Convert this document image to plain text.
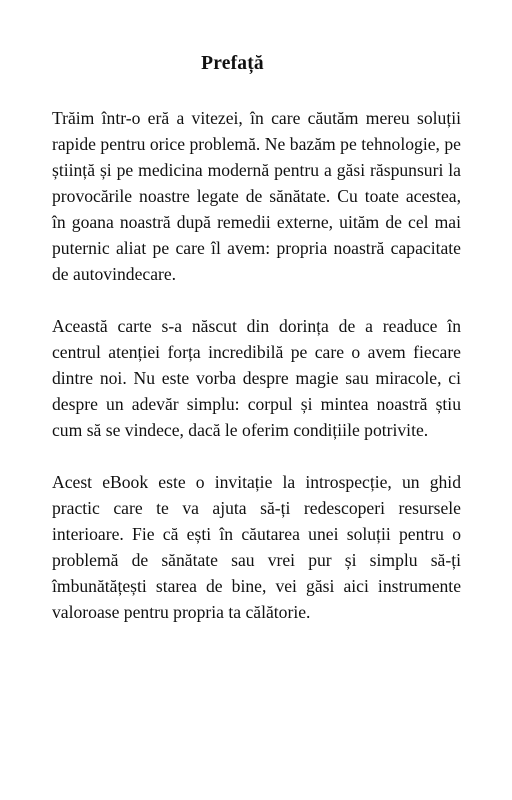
Prefață

Trăim într-o eră a vitezei, în care căutăm mereu soluții rapide pentru orice problemă. Ne bazăm pe tehnologie, pe știință și pe medicina modernă pentru a găsi răspunsuri la provocările noastre legate de sănătate. Cu toate acestea, în goana noastră după remedii externe, uităm de cel mai puternic aliat pe care îl avem: propria noastră capacitate de autovindecare.

Această carte s-a născut din dorința de a readuce în centrul atenției forța incredibilă pe care o avem fiecare dintre noi. Nu este vorba despre magie sau miracole, ci despre un adevăr simplu: corpul și mintea noastră știu cum să se vindece, dacă le oferim condițiile potrivite.

Acest eBook este o invitație la introspecție, un ghid practic care te va ajuta să-ți redescoperi resursele interioare. Fie că ești în căutarea unei soluții pentru o problemă de sănătate sau vrei pur și simplu să-ți îmbunătățești starea de bine, vei găsi aici instrumente valoroase pentru propria ta călătorie.
